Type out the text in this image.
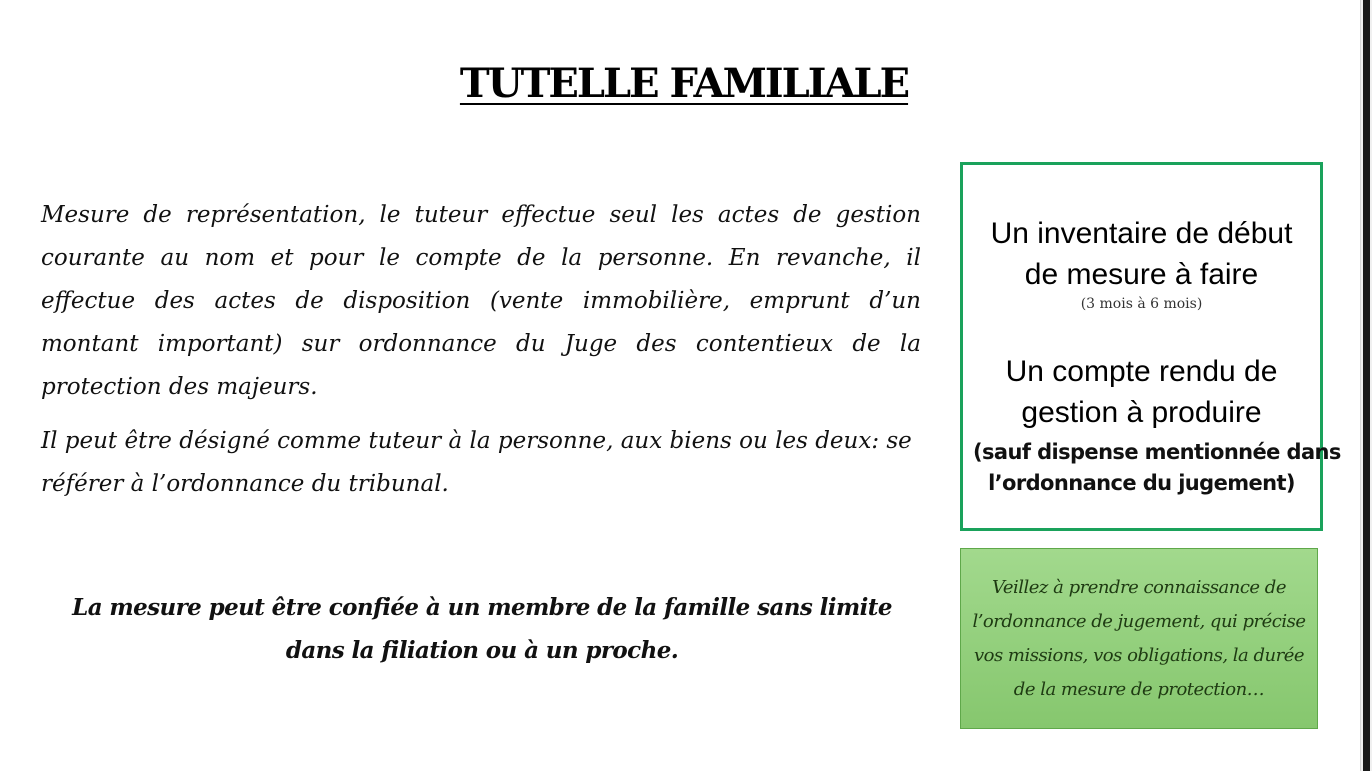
TUTELLE FAMILIALE

Mesure de représentation, le tuteur effectue seul les actes de gestion courante au nom et pour le compte de la personne. En revanche, il effectue des actes de disposition (vente immobilière, emprunt d’un montant important) sur ordonnance du Juge des contentieux de la protection des majeurs.

Il peut être désigné comme tuteur à la personne, aux biens ou les deux: se référer à l’ordonnance du tribunal.

La mesure peut être confiée à un membre de la famille sans limite dans la filiation ou à un proche.
Un inventaire de début de mesure à faire
(3 mois à 6 mois)
Un compte rendu de gestion à produire
(sauf dispense mentionnée dans
l’ordonnance du jugement)
Veillez à prendre connaissance de l’ordonnance de jugement, qui précise vos missions, vos obligations, la durée de la mesure de protection…
